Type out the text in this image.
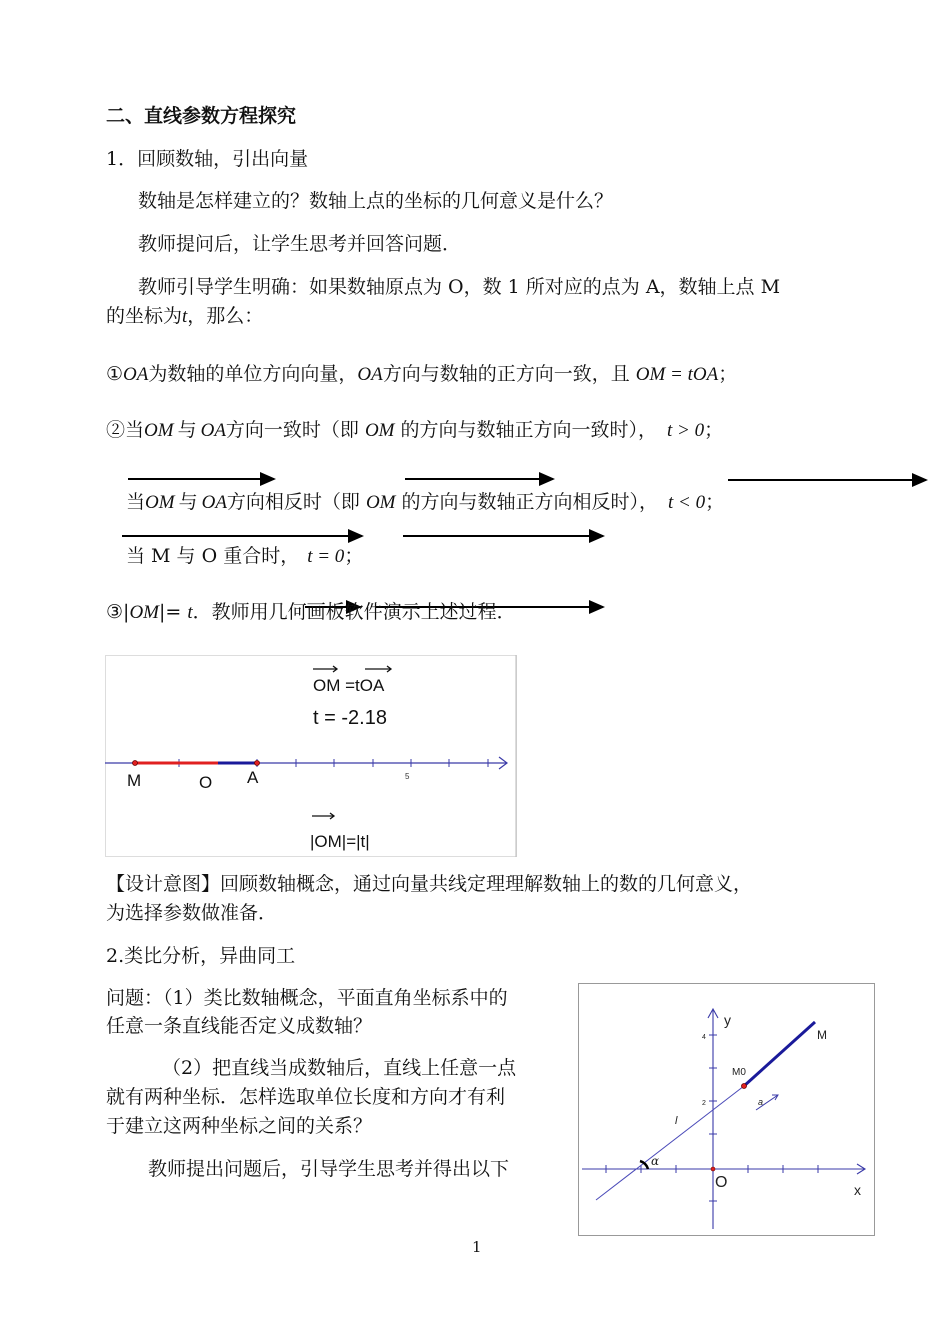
二、直线参数方程探究
1．回顾数轴，引出向量
数轴是怎样建立的？数轴上点的坐标的几何意义是什么？
教师提问后，让学生思考并回答问题．
教师引导学生明确：如果数轴原点为 O，数 1 所对应的点为 A，数轴上点 M
的坐标为t，那么：
①OA为数轴的单位方向向量，OA方向与数轴的正方向一致，且 OM = tOA；
②当OM 与 OA方向一致时（即 OM 的方向与数轴正方向一致时）， t > 0；
当OM 与 OA方向相反时（即 OM 的方向与数轴正方向相反时）， t < 0；
当 M 与 O 重合时， t = 0；
③|OM|= t．教师用几何画板软件演示上述过程．
OM =tOA
t = -2.18
M	O A
|OM|=|t|
5
【设计意图】回顾数轴概念，通过向量共线定理理解数轴上的数的几何意义，
为选择参数做准备．
2.类比分析，异曲同工
问题：（1）类比数轴概念，平面直角坐标系中的
任意一条直线能否定义成数轴？
（2）把直线当成数轴后，直线上任意一点
就有两种坐标．怎样选取单位长度和方向才有利
于建立这两种坐标之间的关系？
教师提出问题后，引导学生思考并得出以下
y
x
O
M
M0
l
a
α
4
2
1
